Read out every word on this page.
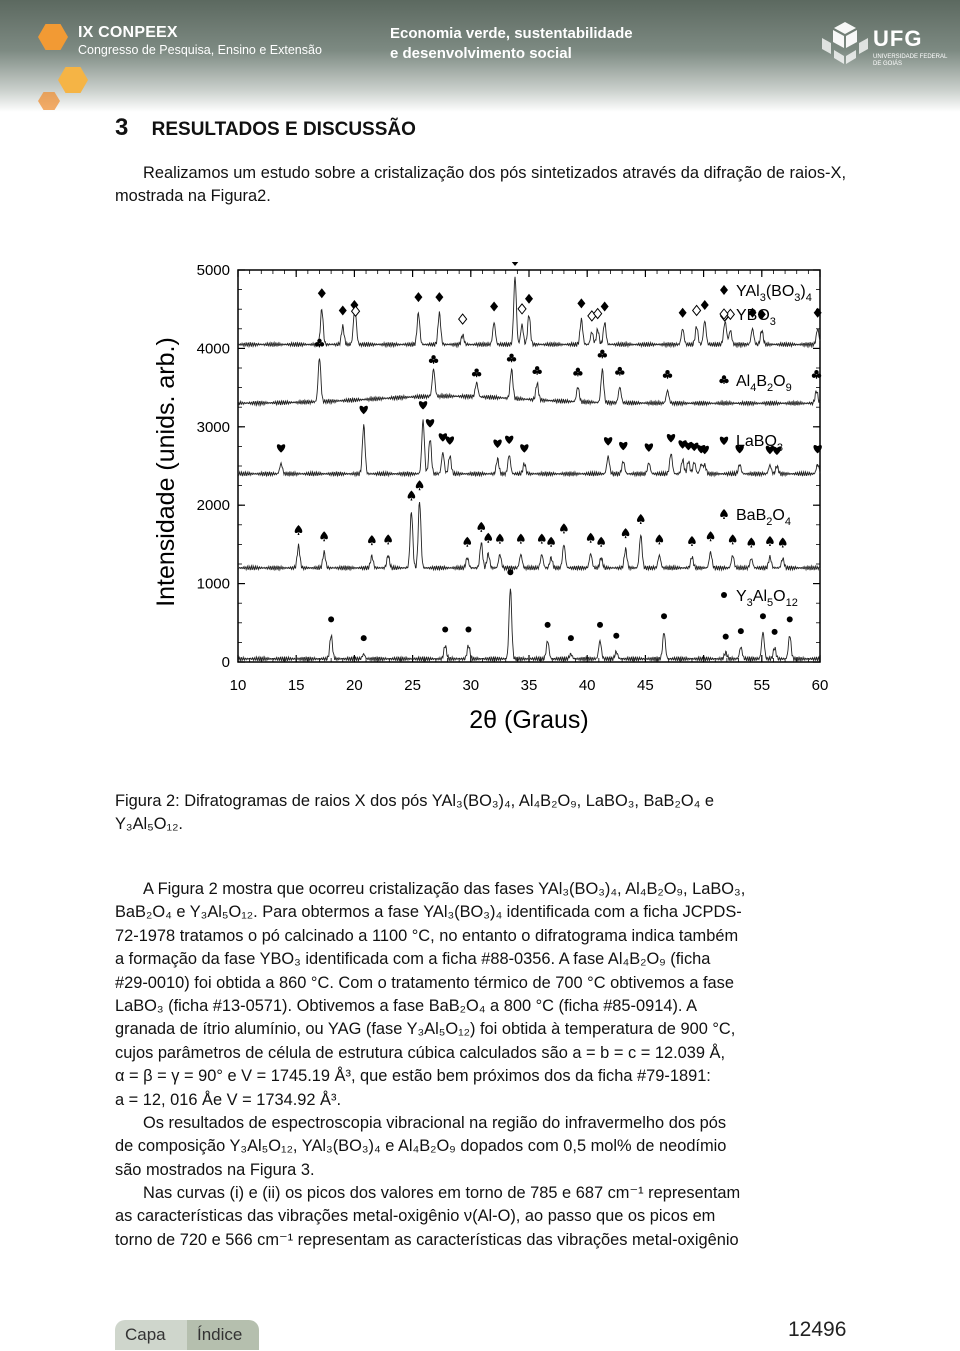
IX CONPEEX
Congresso de Pesquisa, Ensino e Extensão
Economia verde, sustentabilidade
e desenvolvimento social
UFG
UNIVERSIDADE FEDERAL DE GOIÁS
3 RESULTADOS E DISCUSSÃO
Realizamos um estudo sobre a cristalização dos pós sintetizados através da difração de raios-X, mostrada na Figura2.
10	15	20	25	30	35	40	45	50	55	60
0
1000
2000
3000
4000
5000
2θ (Graus)
Intensidade (unids. arb.)
$YAl_3(BO_3)_4$
$YBO_3$
$Al_4B_2O_9$
LaBO$_3$
$BaB_2O_4$
$Y_3Al_5O_{12}$
Figura 2: Difratogramas de raios X dos pós YAl₃(BO₃)₄, Al₄B₂O₉, LaBO₃, BaB₂O₄ e
Y₃Al₅O₁₂.
A Figura 2 mostra que ocorreu cristalização das fases YAl₃(BO₃)₄, Al₄B₂O₉, LaBO₃,
BaB₂O₄ e Y₃Al₅O₁₂. Para obtermos a fase YAl₃(BO₃)₄ identificada com a ficha JCPDS-
72-1978 tratamos o pó calcinado a 1100 °C, no entanto o difratograma indica também
a formação da fase YBO₃ identificada com a ficha #88-0356. A fase Al₄B₂O₉ (ficha
#29-0010) foi obtida a 860 °C. Com o tratamento térmico de 700 °C obtivemos a fase
LaBO₃ (ficha #13-0571). Obtivemos a fase BaB₂O₄ a 800 °C (ficha #85-0914). A
granada de ítrio alumínio, ou YAG (fase Y₃Al₅O₁₂) foi obtida à temperatura de 900 °C,
cujos parâmetros de célula de estrutura cúbica calculados são a = b = c = 12.039 Å,
α = β = γ = 90° e V = 1745.19 Å³, que estão bem próximos dos da ficha #79-1891:
a = 12, 016 Åe V = 1734.92 Å³.
Os resultados de espectroscopia vibracional na região do infravermelho dos pós
de composição Y₃Al₅O₁₂, YAl₃(BO₃)₄ e Al₄B₂O₉ dopados com 0,5 mol% de neodímio
são mostrados na Figura 3.
Nas curvas (i) e (ii) os picos dos valores em torno de 785 e 687 cm⁻¹ representam
as características das vibrações metal-oxigênio ν(Al-O), ao passo que os picos em
torno de 720 e 566 cm⁻¹ representam as características das vibrações metal-oxigênio
Capa	Índice	12496
